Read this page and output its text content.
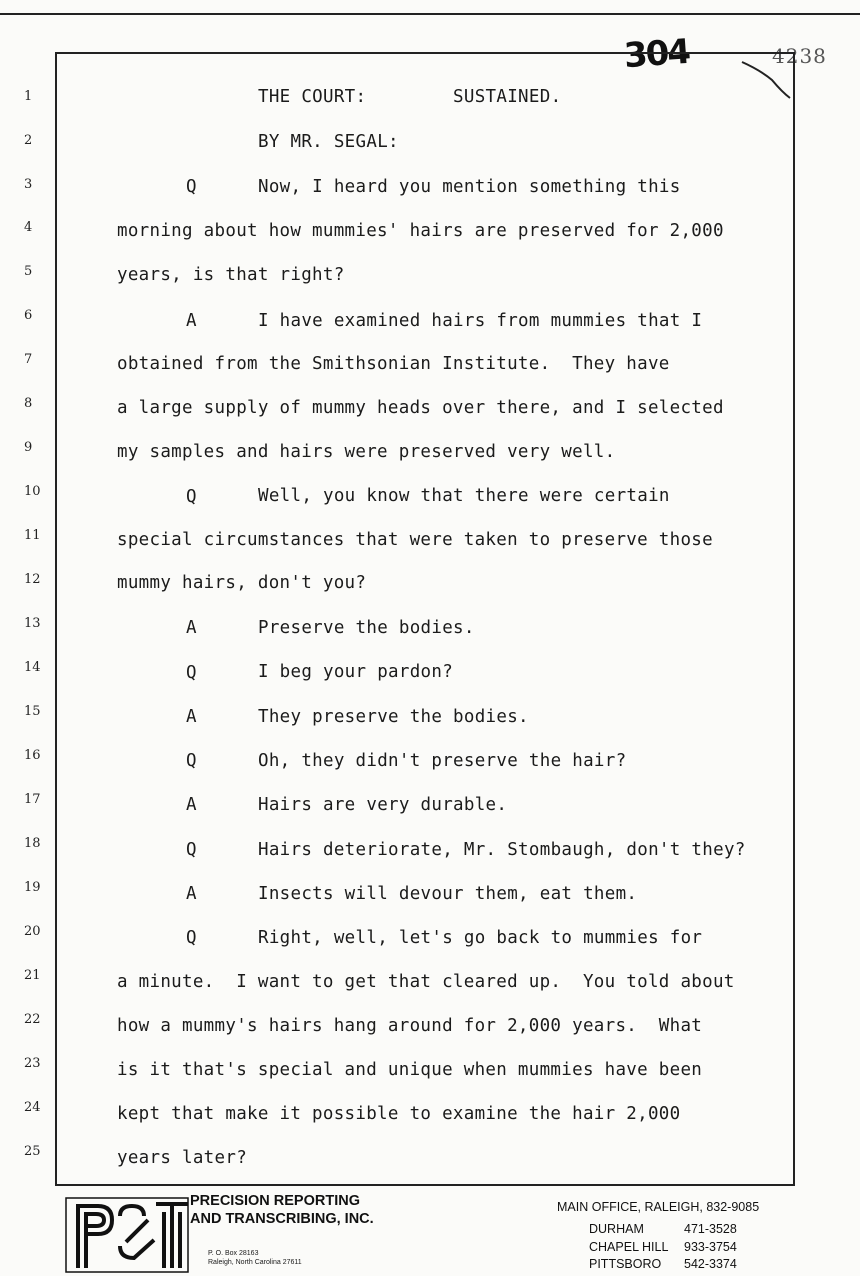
304	4238
1	THE COURT:        SUSTAINED.
2	BY MR. SEGAL:
3	Q	Now, I heard you mention something this
4	morning about how mummies' hairs are preserved for 2,000
5	years, is that right?
6	A	I have examined hairs from mummies that I
7	obtained from the Smithsonian Institute.  They have
8	a large supply of mummy heads over there, and I selected
9	my samples and hairs were preserved very well.
10	Q	Well, you know that there were certain
11	special circumstances that were taken to preserve those
12	mummy hairs, don't you?
13	A	Preserve the bodies.
14	Q	I beg your pardon?
15	A	They preserve the bodies.
16	Q	Oh, they didn't preserve the hair?
17	A	Hairs are very durable.
18	Q	Hairs deteriorate, Mr. Stombaugh, don't they?
19	A	Insects will devour them, eat them.
20	Q	Right, well, let's go back to mummies for
21	a minute.  I want to get that cleared up.  You told about
22	how a mummy's hairs hang around for 2,000 years.  What
23	is it that's special and unique when mummies have been
24	kept that make it possible to examine the hair 2,000
25	years later?
PRECISION REPORTING
AND TRANSCRIBING, INC.
P. O. Box 28163
Raleigh, North Carolina 27611
MAIN OFFICE, RALEIGH, 832-9085
DURHAM	471-3528
CHAPEL HILL 933-3754
PITTSBORO 542-3374
